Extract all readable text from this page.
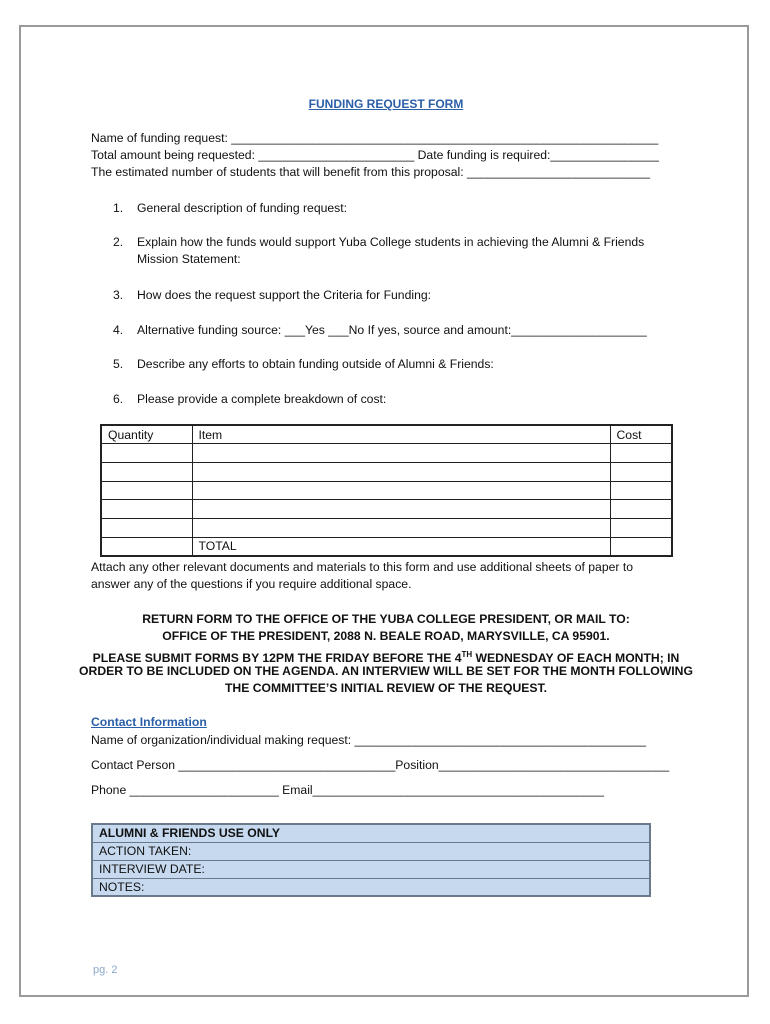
FUNDING REQUEST FORM
Name of funding request: _______________________________________________________________
Total amount being requested: _______________________ Date funding is required:________________
The estimated number of students that will benefit from this proposal: ___________________________
1. General description of funding request:
2. Explain how the funds would support Yuba College students in achieving the Alumni & Friends Mission Statement:
3. How does the request support the Criteria for Funding:
4. Alternative funding source: ___Yes ___No If yes, source and amount:____________________
5. Describe any efforts to obtain funding outside of Alumni & Friends:
6. Please provide a complete breakdown of cost:
Quantity	Item	Cost

	TOTAL	
Attach any other relevant documents and materials to this form and use additional sheets of paper to answer any of the questions if you require additional space.
RETURN FORM TO THE OFFICE OF THE YUBA COLLEGE PRESIDENT, OR MAIL TO:
OFFICE OF THE PRESIDENT, 2088 N. BEALE ROAD, MARYSVILLE, CA 95901.
PLEASE SUBMIT FORMS BY 12PM THE FRIDAY BEFORE THE 4TH WEDNESDAY OF EACH MONTH; IN
ORDER TO BE INCLUDED ON THE AGENDA. AN INTERVIEW WILL BE SET FOR THE MONTH FOLLOWING
THE COMMITTEE’S INITIAL REVIEW OF THE REQUEST.
Contact Information
Name of organization/individual making request: ___________________________________________
Contact Person ________________________________Position__________________________________
Phone ______________________ Email___________________________________________
ALUMNI & FRIENDS USE ONLY
ACTION TAKEN:
INTERVIEW DATE:
NOTES:
pg. 2
